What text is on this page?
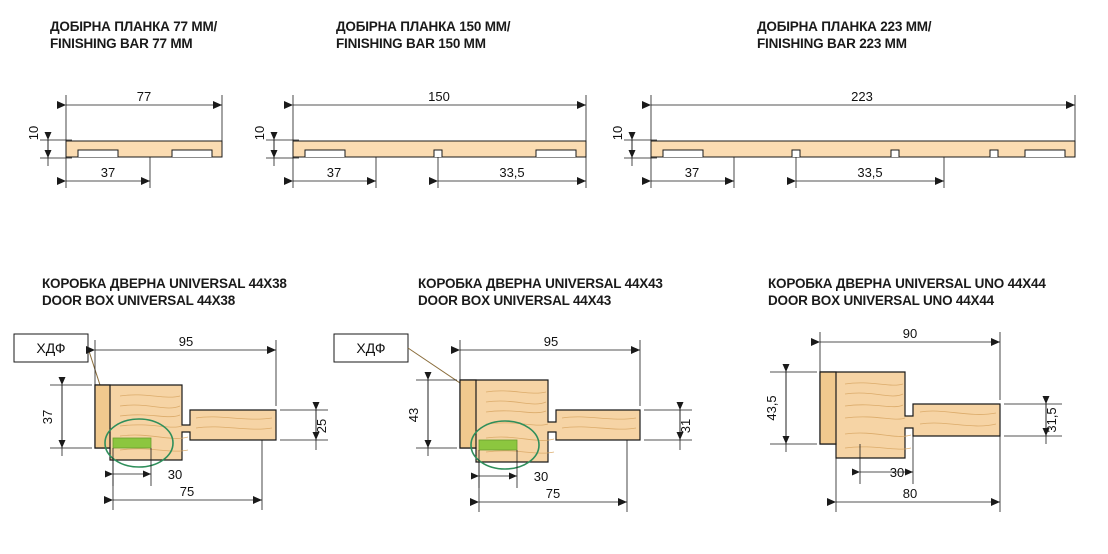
ДОБІРНА ПЛАНКА 77 ММ/
FINISHING BAR 77 MM
ДОБІРНА ПЛАНКА 150 ММ/
FINISHING BAR 150 MM
ДОБІРНА ПЛАНКА 223 ММ/
FINISHING BAR 223 MM
КОРОБКА ДВЕРНА UNIVERSAL 44Х38
DOOR BOX UNIVERSAL 44X38
КОРОБКА ДВЕРНА UNIVERSAL 44Х43
DOOR BOX UNIVERSAL 44X43
КОРОБКА ДВЕРНА UNIVERSAL UNO 44Х44
DOOR BOX UNIVERSAL UNO 44X44
77
10
37
150
10
37	33,5
223
10
37	33,5
ХДФ	95
37
25
30
75
ХДФ	95
43
31
30
75
90
43,5	31,5
30
80
